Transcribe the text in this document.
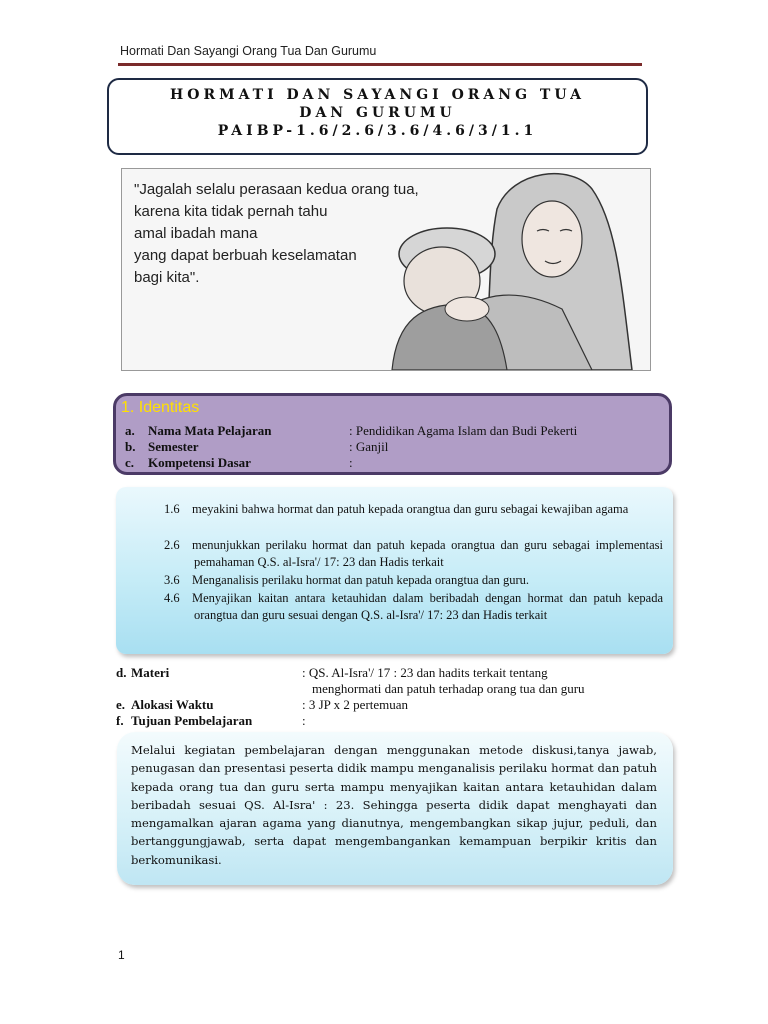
Hormati Dan Sayangi Orang Tua Dan Gurumu
HORMATI DAN SAYANGI ORANG TUA
DAN GURUMU
PAIBP-1.6/2.6/3.6/4.6/3/1.1
"Jagalah selalu perasaan kedua orang tua,
karena kita tidak pernah tahu
amal ibadah mana
yang dapat berbuah keselamatan
bagi kita".
1. Identitas
a. Nama Mata Pelajaran	: Pendidikan Agama Islam dan Budi Pekerti
b. Semester	: Ganjil
c. Kompetensi Dasar	:
1.6 meyakini bahwa hormat dan patuh kepada orangtua dan guru sebagai kewajiban agama
2.6 menunjukkan perilaku hormat dan patuh kepada orangtua dan guru sebagai implementasi pemahaman Q.S. al-Isra'/ 17: 23 dan Hadis terkait
3.6 Menganalisis perilaku hormat dan patuh kepada orangtua dan guru.
4.6 Menyajikan kaitan antara ketauhidan dalam beribadah dengan hormat dan patuh kepada orangtua dan guru sesuai dengan Q.S. al-Isra'/ 17: 23 dan Hadis terkait
d. Materi	: QS. Al-Isra'/ 17 : 23 dan hadits terkait tentang
menghormati dan patuh terhadap orang tua dan guru
e. Alokasi Waktu	: 3 JP x 2 pertemuan
f. Tujuan Pembelajaran	:
Melalui kegiatan pembelajaran dengan menggunakan metode diskusi,tanya jawab, penugasan dan presentasi peserta didik mampu menganalisis perilaku hormat dan patuh kepada orang tua dan guru serta mampu menyajikan kaitan antara ketauhidan dalam beribadah sesuai QS. Al-Isra' : 23. Sehingga peserta didik dapat menghayati dan mengamalkan ajaran agama yang dianutnya, mengembangkan sikap jujur, peduli, dan bertanggungjawab, serta dapat mengembangankan kemampuan berpikir kritis dan berkomunikasi.
1
